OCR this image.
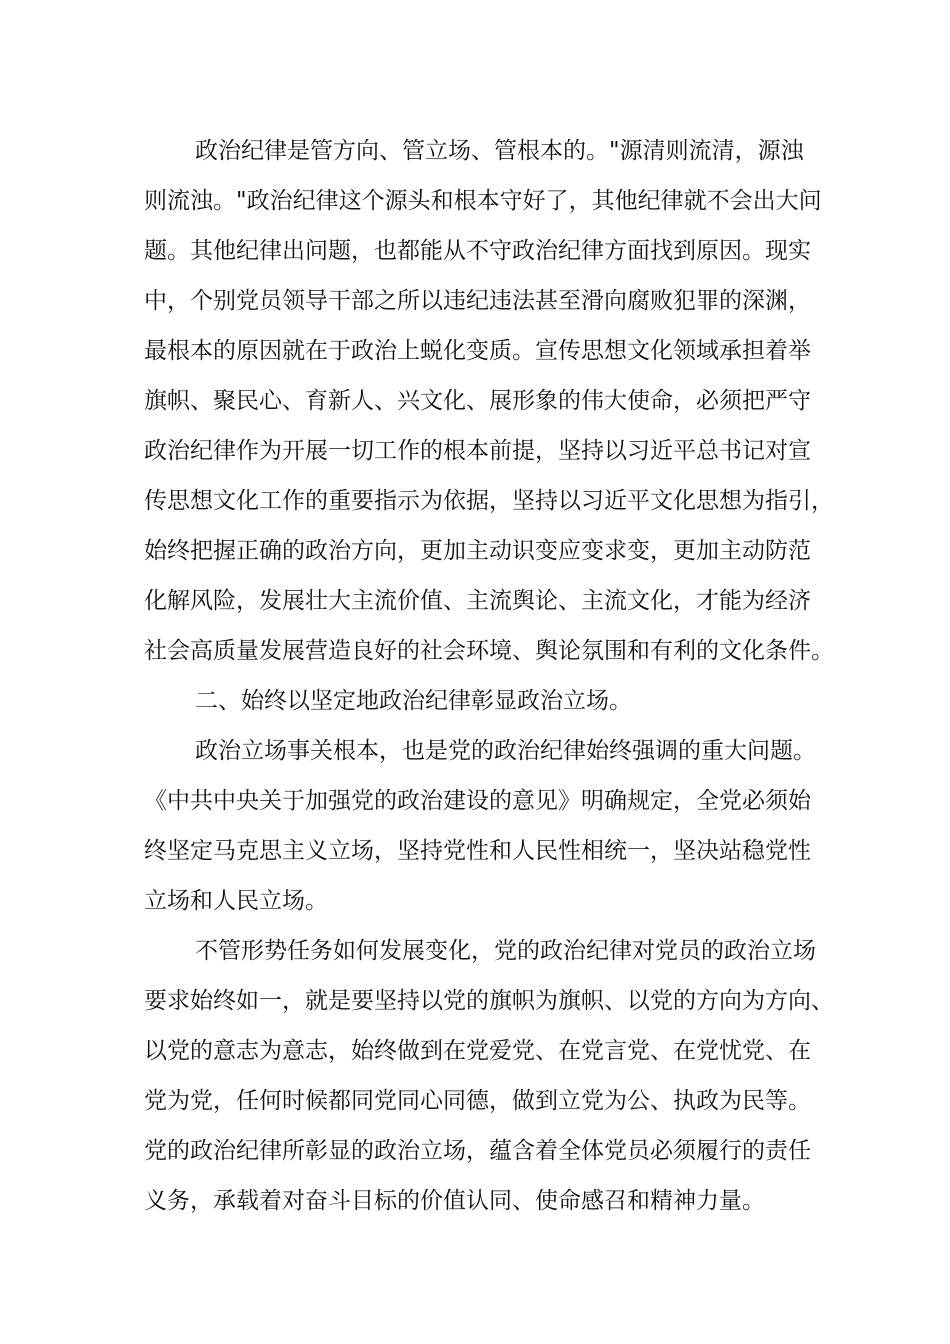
政治纪律是管方向、管立场、管根本的。"源清则流清，源浊
则流浊。"政治纪律这个源头和根本守好了，其他纪律就不会出大问
题。其他纪律出问题，也都能从不守政治纪律方面找到原因。现实
中，个别党员领导干部之所以违纪违法甚至滑向腐败犯罪的深渊，
最根本的原因就在于政治上蜕化变质。宣传思想文化领域承担着举
旗帜、聚民心、育新人、兴文化、展形象的伟大使命，必须把严守
政治纪律作为开展一切工作的根本前提，坚持以习近平总书记对宣
传思想文化工作的重要指示为依据，坚持以习近平文化思想为指引，
始终把握正确的政治方向，更加主动识变应变求变，更加主动防范
化解风险，发展壮大主流价值、主流舆论、主流文化，才能为经济
社会高质量发展营造良好的社会环境、舆论氛围和有利的文化条件。
二、始终以坚定地政治纪律彰显政治立场。
政治立场事关根本，也是党的政治纪律始终强调的重大问题。
《中共中央关于加强党的政治建设的意见》明确规定，全党必须始
终坚定马克思主义立场，坚持党性和人民性相统一，坚决站稳党性
立场和人民立场。
不管形势任务如何发展变化，党的政治纪律对党员的政治立场
要求始终如一，就是要坚持以党的旗帜为旗帜、以党的方向为方向、
以党的意志为意志，始终做到在党爱党、在党言党、在党忧党、在
党为党，任何时候都同党同心同德，做到立党为公、执政为民等。
党的政治纪律所彰显的政治立场，蕴含着全体党员必须履行的责任
义务，承载着对奋斗目标的价值认同、使命感召和精神力量。
